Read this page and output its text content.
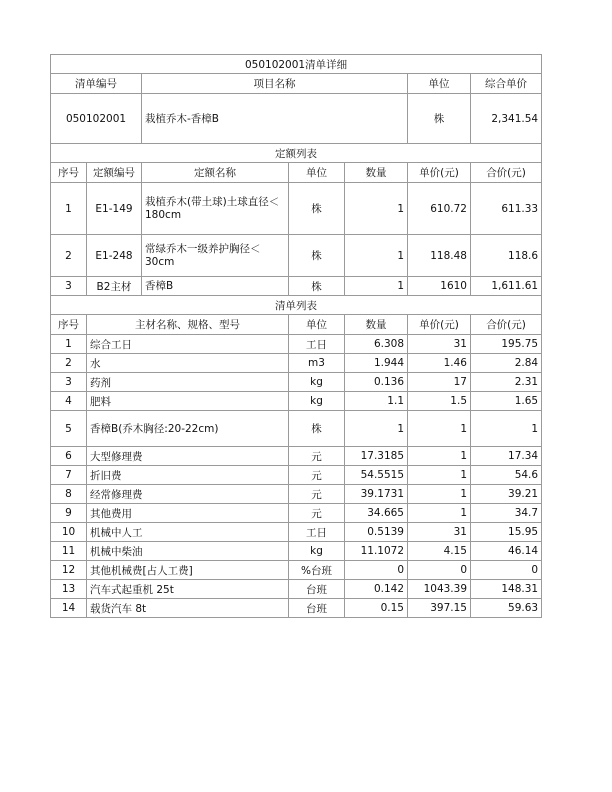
050102001清单详细						
清单编号		项目名称			单位	综合单价
050102001		栽植乔木-香樟B			株	2,341.54
定额列表						
序号	定额编号	定额名称	单位	数量	单价(元)	合价(元)
1	E1-149	栽植乔木(带土球)土球直径＜180cm	株	1	610.72	611.33
2	E1-248	常绿乔木一级养护胸径＜30cm	株	1	118.48	118.6
3	B2主材	香樟B	株	1	1610	1,611.61
清单列表						
序号	主材名称、规格、型号		单位	数量	单价(元)	合价(元)
1	综合工日		工日	6.308	31	195.75
2	水		m3	1.944	1.46	2.84
3	药剂		kg	0.136	17	2.31
4	肥料		kg	1.1	1.5	1.65
5	香樟B(乔木胸径:20-22cm)		株	1	1	1
6	大型修理费		元	17.3185	1	17.34
7	折旧费		元	54.5515	1	54.6
8	经常修理费		元	39.1731	1	39.21
9	其他费用		元	34.665	1	34.7
10	机械中人工		工日	0.5139	31	15.95
11	机械中柴油		kg	11.1072	4.15	46.14
12	其他机械费[占人工费]		%台班	0	0	0
13	汽车式起重机 25t		台班	0.142	1043.39	148.31
14	载货汽车 8t		台班	0.15	397.15	59.63
